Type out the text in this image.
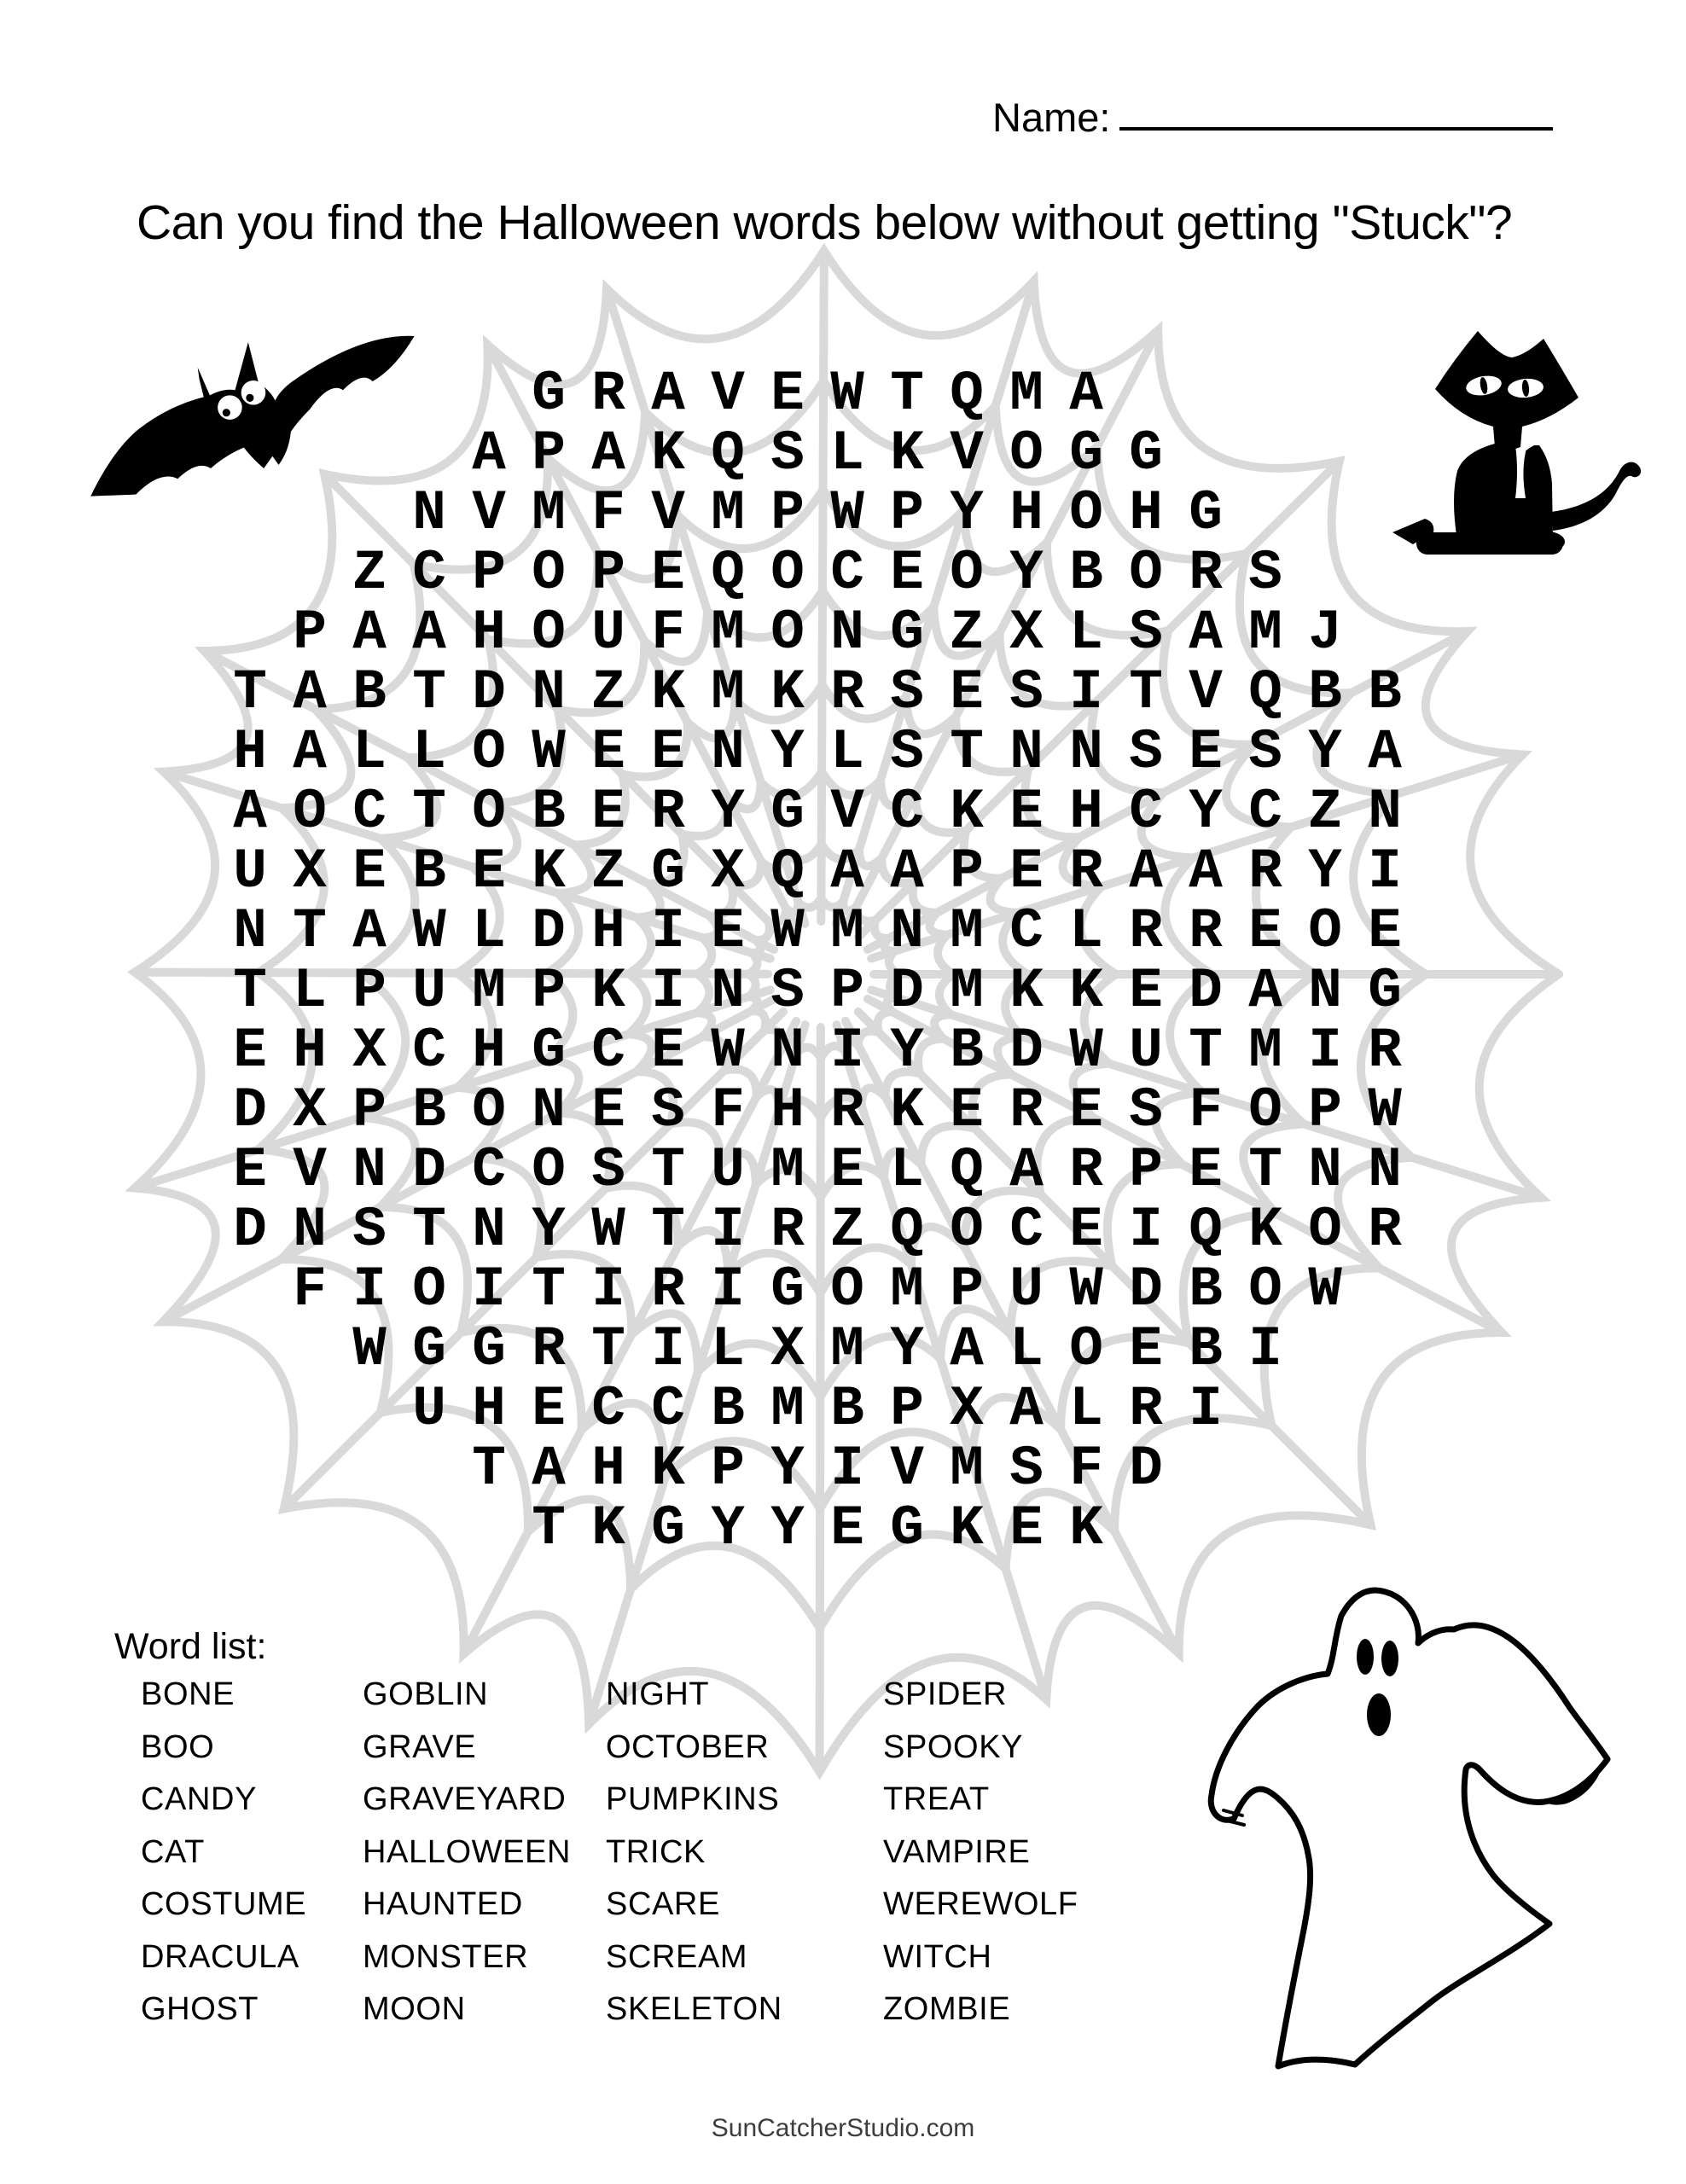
Name:
Can you find the Halloween words below without getting "Stuck"?
G R A V E W T Q M A
A P A K Q S L K V O G G
N V M F V M P W P Y H O H G
Z C P O P E Q O C E O Y B O R S
P A A H O U F M O N G Z X L S A M J
T A B T D N Z K M K R S E S I T V Q B B
H A L L O W E E N Y L S T N N S E S Y A
A O C T O B E R Y G V C K E H C Y C Z N
U X E B E K Z G X Q A A P E R A A R Y I
N T A W L D H I E W M N M C L R R E O E
T L P U M P K I N S P D M K K E D A N G
E H X C H G C E W N I Y B D W U T M I R
D X P B O N E S F H R K E R E S F O P W
E V N D C O S T U M E L Q A R P E T N N
D N S T N Y W T I R Z Q O C E I Q K O R
F I O I T I R I G O M P U W D B O W
W G G R T I L X M Y A L O E B I
U H E C C B M B P X A L R I
T A H K P Y I V M S F D
T K G Y Y E G K E K
Word list:
BONE
BOO
CANDY
CAT
COSTUME
DRACULA
GHOST
GOBLIN
GRAVE
GRAVEYARD
HALLOWEEN
HAUNTED
MONSTER
MOON
NIGHT
OCTOBER
PUMPKINS
TRICK
SCARE
SCREAM
SKELETON
SPIDER
SPOOKY
TREAT
VAMPIRE
WEREWOLF
WITCH
ZOMBIE
SunCatcherStudio.com
